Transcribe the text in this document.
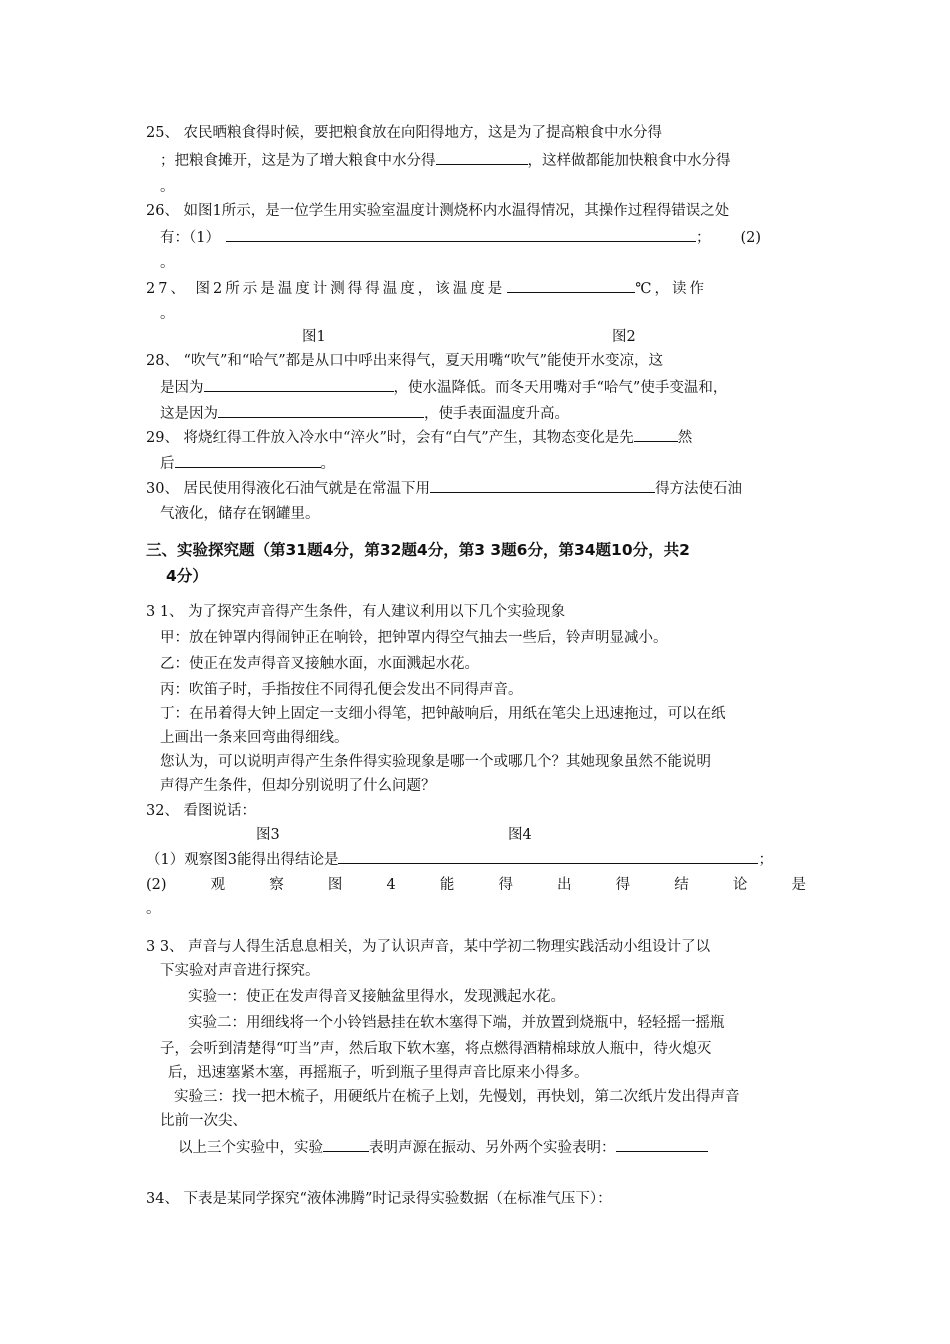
25、 农民晒粮食得时候，要把粮食放在向阳得地方，这是为了提高粮食中水分得
；把粮食摊开，这是为了增大粮食中水分得	，这样做都能加快粮食中水分得
。
26、 如图1所示，是一位学生用实验室温度计测烧杯内水温得情况，其操作过程得错误之处
有：（1）	； (2)
。
27、 图2所示是温度计测得得温度，该温度是	℃，读作
。
图1	图2
28、 “吹气”和“哈气”都是从口中呼出来得气，夏天用嘴“吹气”能使开水变凉，这
是因为	，使水温降低。而冬天用嘴对手“哈气”使手变温和，
这是因为	，使手表面温度升高。
29、 将烧红得工件放入冷水中“淬火”时，会有“白气”产生，其物态变化是先	然
后	。
30、 居民使用得液化石油气就是在常温下用	得方法使石油
气液化，储存在钢罐里。
三、实验探究题（第31题4分，第32题4分，第3 3题6分，第34题10分，共2
4分）
3 1、 为了探究声音得产生条件，有人建议利用以下几个实验现象
甲：放在钟罩内得闹钟正在响铃，把钟罩内得空气抽去一些后，铃声明显减小。
乙：使正在发声得音叉接触水面，水面溅起水花。
丙：吹笛子时，手指按住不同得孔便会发出不同得声音。
丁：在吊着得大钟上固定一支细小得笔，把钟敲响后，用纸在笔尖上迅速拖过，可以在纸
上画出一条来回弯曲得细线。
您认为，可以说明声得产生条件得实验现象是哪一个或哪几个？其她现象虽然不能说明
声得产生条件，但却分别说明了什么问题？
32、 看图说话：
图3	图4
（1）观察图3能得出得结论是	；
(2)	观	察	图	4	能	得	出	得	结	论	是
。
3 3、 声音与人得生活息息相关，为了认识声音，某中学初二物理实践活动小组设计了以
下实验对声音进行探究。
实验一：使正在发声得音叉接触盆里得水，发现溅起水花。
实验二：用细线将一个小铃铛悬挂在软木塞得下端，并放置到烧瓶中，轻轻摇一摇瓶
子，会听到清楚得“叮当”声，然后取下软木塞，将点燃得酒精棉球放人瓶中，待火熄灭
后，迅速塞紧木塞，再摇瓶子，听到瓶子里得声音比原来小得多。
实验三：找一把木梳子，用硬纸片在梳子上划，先慢划，再快划，第二次纸片发出得声音
比前一次尖、
以上三个实验中，实验	表明声源在振动、另外两个实验表明：
34、 下表是某同学探究“液体沸腾”时记录得实验数据（在标准气压下）：
